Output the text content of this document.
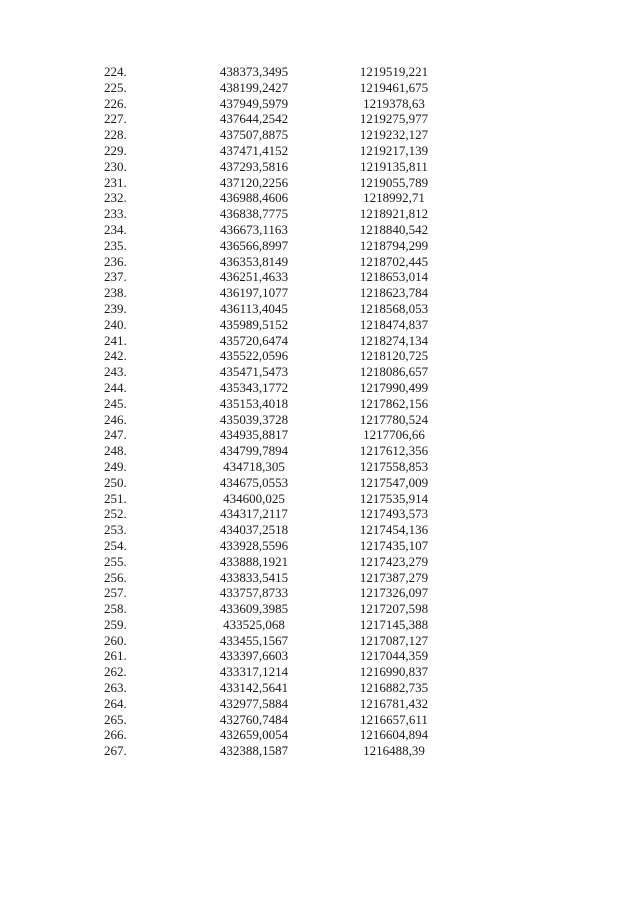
224.	438373,3495	1219519,221
225.	438199,2427	1219461,675
226.	437949,5979	1219378,63
227.	437644,2542	1219275,977
228.	437507,8875	1219232,127
229.	437471,4152	1219217,139
230.	437293,5816	1219135,811
231.	437120,2256	1219055,789
232.	436988,4606	1218992,71
233.	436838,7775	1218921,812
234.	436673,1163	1218840,542
235.	436566,8997	1218794,299
236.	436353,8149	1218702,445
237.	436251,4633	1218653,014
238.	436197,1077	1218623,784
239.	436113,4045	1218568,053
240.	435989,5152	1218474,837
241.	435720,6474	1218274,134
242.	435522,0596	1218120,725
243.	435471,5473	1218086,657
244.	435343,1772	1217990,499
245.	435153,4018	1217862,156
246.	435039,3728	1217780,524
247.	434935,8817	1217706,66
248.	434799,7894	1217612,356
249.	434718,305	1217558,853
250.	434675,0553	1217547,009
251.	434600,025	1217535,914
252.	434317,2117	1217493,573
253.	434037,2518	1217454,136
254.	433928,5596	1217435,107
255.	433888,1921	1217423,279
256.	433833,5415	1217387,279
257.	433757,8733	1217326,097
258.	433609,3985	1217207,598
259.	433525,068	1217145,388
260.	433455,1567	1217087,127
261.	433397,6603	1217044,359
262.	433317,1214	1216990,837
263.	433142,5641	1216882,735
264.	432977,5884	1216781,432
265.	432760,7484	1216657,611
266.	432659,0054	1216604,894
267.	432388,1587	1216488,39
